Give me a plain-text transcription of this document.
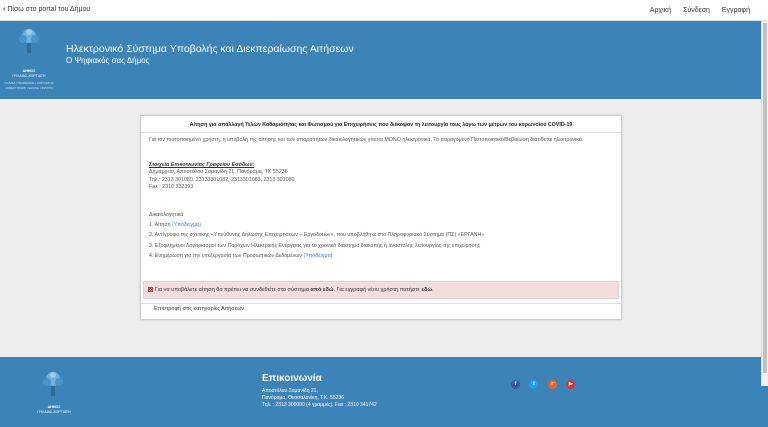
‹ Πίσω στο portal του Δήμου	Αρχική Σύνδεση Εγγραφή
ΔΗΜΟΣ
ΠΥΛΑΙΑΣ-ΧΟΡΤΙΑΤΗ
ΠΥΛΑΙΑ | ΠΑΝΟΡΑΜΑ | ΧΟΡΤΙΑΤΗΣ ΑΣΒΕΣΤΟΧΩΡΙ | ΕΞΟΧΗ | ΦΙΛΥΡΟ
Ηλεκτρονικό Σύστημα Υποβολής και Διεκπεραίωσης Αιτήσεων
Ο Ψηφιακός σας Δήμος
Αίτηση για απαλλαγή Τελών Καθαριότητας και Φωτισμού για Επιχειρήσεις που διέκοψαν τη λειτουργία τους λόγω των μέτρων του κορωνοϊού COVID-19
Για τον πιστοποιημένο χρήστη, η υποβολή της αίτησης και των απαραίτητων δικαιολογητικών γίνεται ΜΟΝΟ ηλεκτρονικά. Το παραγόμενο Πιστοποιητικό/Βεβαίωση διατίθεται ηλεκτρονικά.
Στοιχεία Επικοινωνίας Γραφείου Εσόδων:
Δημαρχείο, Αποστόλου Σαμανίδη 21, Πανόραμα, ΤΚ 55236
Τηλ.: 2313 301080, 23133301082, 2313301083, 2313 301080
Fax : 2310 332393
Δικαιολογητικά
1. Αίτηση (Υπόδειγμα)
2. Αντίγραφο της σχετικής «Υπεύθυνης Δήλωσης Επιχειρήσεων – Εργοδοτών», που υποβλήθηκε στο Πληροφοριακό Σύστημα (ΠΣ) «ΕΡΓΑΝΗ»
3. Εξοφλημένοι Λογαριασμοί των Παρόχων Ηλεκτρικής Ενέργειας για το χρονικό διάστημα διακοπής ή αναστολής λειτουργίας της επιχείρησης
4. Ενημέρωση για την επεξεργασία των Προσωπικών Δεδομένων (Υπόδειγμα)
✕ Για να υποβάλετε αίτηση θα πρέπει να συνδεθείτε στο σύστημα από εδώ. Για εγγραφή νέου χρήστη πατήστε εδώ.
Επιστροφή στις κατηγορίες Αιτήσεων
ΔΗΜΟΣ
ΠΥΛΑΙΑΣ-ΧΟΡΤΙΑΤΗ
Επικοινωνία
Αποστόλου Σαμανίδη 21,
Πανόραμα, Θεσσαλονίκη, Τ.Κ. 55236
Τηλ. : 2313 300000 (4 γραμμές), Fax : 2310 341742
f	t	r	▶
